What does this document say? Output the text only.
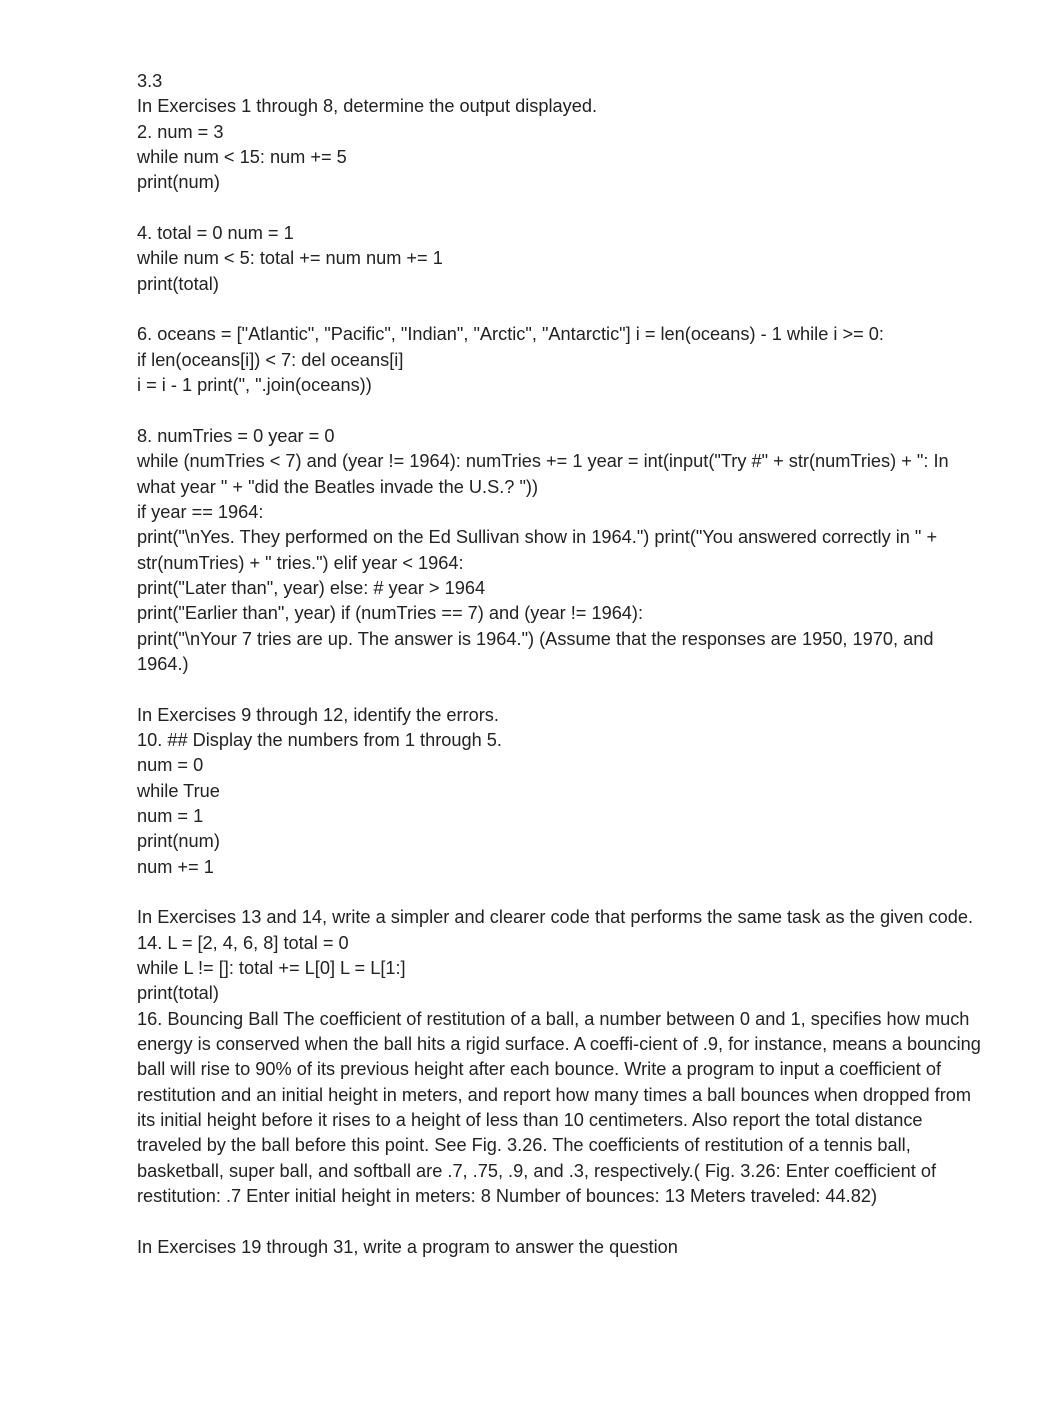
3.3
In Exercises 1 through 8, determine the output displayed.
2. num = 3
while num < 15: num += 5
print(num)
4. total = 0 num = 1
while num < 5: total += num num += 1
print(total)
6. oceans = ["Atlantic", "Pacific", "Indian", "Arctic", "Antarctic"] i = len(oceans) - 1 while i >= 0:
if len(oceans[i]) < 7: del oceans[i]
i = i - 1 print(", ".join(oceans))
8. numTries = 0 year = 0
while (numTries < 7) and (year != 1964): numTries += 1 year = int(input("Try #" + str(numTries) + ": In
what year " + "did the Beatles invade the U.S.? "))
if year == 1964:
print("\nYes. They performed on the Ed Sullivan show in 1964.") print("You answered correctly in " +
str(numTries) + " tries.") elif year < 1964:
print("Later than", year) else: # year > 1964
print("Earlier than", year) if (numTries == 7) and (year != 1964):
print("\nYour 7 tries are up. The answer is 1964.") (Assume that the responses are 1950, 1970, and
1964.)
In Exercises 9 through 12, identify the errors.
10. ## Display the numbers from 1 through 5.
num = 0
while True
num = 1
print(num)
num += 1
In Exercises 13 and 14, write a simpler and clearer code that performs the same task as the given code.
14. L = [2, 4, 6, 8] total = 0
while L != []: total += L[0] L = L[1:]
print(total)
16. Bouncing Ball The coefficient of restitution of a ball, a number between 0 and 1, specifies how much
energy is conserved when the ball hits a rigid surface. A coeffi-cient of .9, for instance, means a bouncing
ball will rise to 90% of its previous height after each bounce. Write a program to input a coefficient of
restitution and an initial height in meters, and report how many times a ball bounces when dropped from
its initial height before it rises to a height of less than 10 centimeters. Also report the total distance
traveled by the ball before this point. See Fig. 3.26. The coefficients of restitution of a tennis ball,
basketball, super ball, and softball are .7, .75, .9, and .3, respectively.( Fig. 3.26: Enter coefficient of
restitution: .7 Enter initial height in meters: 8 Number of bounces: 13 Meters traveled: 44.82)
In Exercises 19 through 31, write a program to answer the question
